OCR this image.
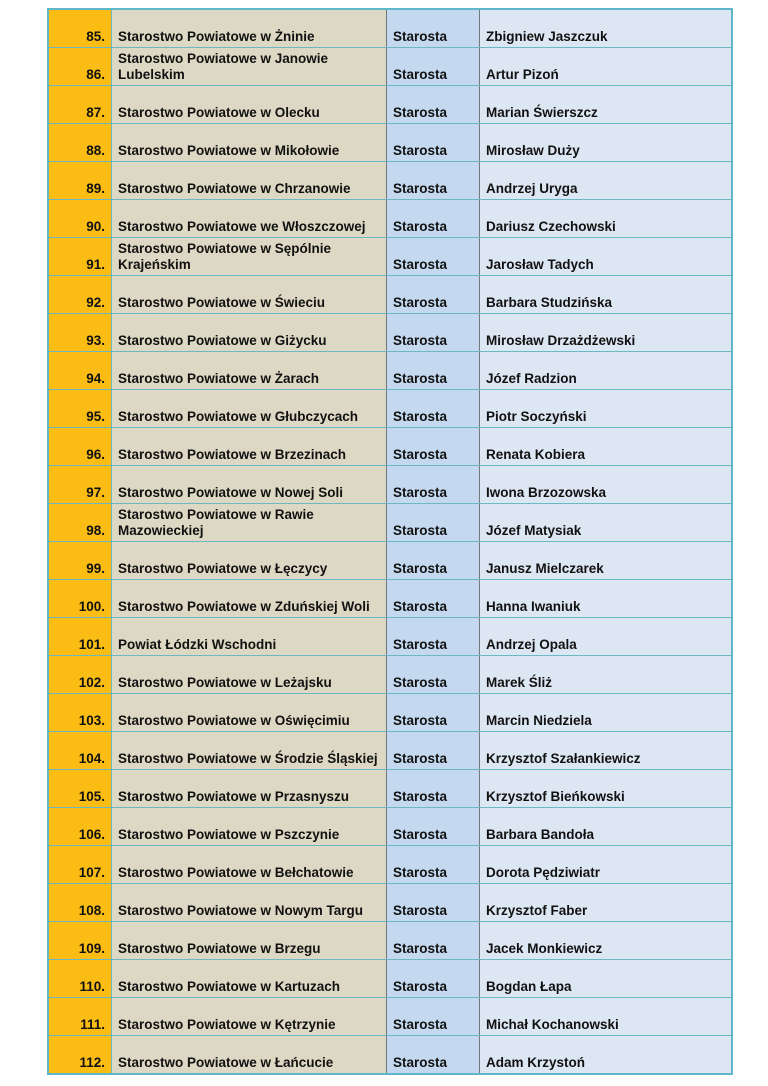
85.	Starostwo Powiatowe w Żninie	Starosta	Zbigniew Jaszczuk
86.	Starostwo Powiatowe w Janowie Lubelskim	Starosta	Artur Pizoń
87.	Starostwo Powiatowe w Olecku	Starosta	Marian Świerszcz
88.	Starostwo Powiatowe w Mikołowie	Starosta	Mirosław Duży
89.	Starostwo Powiatowe w Chrzanowie	Starosta	Andrzej Uryga
90.	Starostwo Powiatowe we Włoszczowej	Starosta	Dariusz Czechowski
91.	Starostwo Powiatowe w Sępólnie Krajeńskim	Starosta	Jarosław Tadych
92.	Starostwo Powiatowe w Świeciu	Starosta	Barbara Studzińska
93.	Starostwo Powiatowe w Giżycku	Starosta	Mirosław Drzażdżewski
94.	Starostwo Powiatowe w Żarach	Starosta	Józef Radzion
95.	Starostwo Powiatowe w Głubczycach	Starosta	Piotr Soczyński
96.	Starostwo Powiatowe w Brzezinach	Starosta	Renata Kobiera
97.	Starostwo Powiatowe w Nowej Soli	Starosta	Iwona Brzozowska
98.	Starostwo Powiatowe w Rawie Mazowieckiej	Starosta	Józef Matysiak
99.	Starostwo Powiatowe w Łęczycy	Starosta	Janusz Mielczarek
100.	Starostwo Powiatowe w Zduńskiej Woli	Starosta	Hanna Iwaniuk
101.	Powiat Łódzki Wschodni	Starosta	Andrzej Opala
102.	Starostwo Powiatowe w Leżajsku	Starosta	Marek Śliż
103.	Starostwo Powiatowe w Oświęcimiu	Starosta	Marcin Niedziela
104.	Starostwo Powiatowe w Środzie Śląskiej	Starosta	Krzysztof Szałankiewicz
105.	Starostwo Powiatowe w Przasnyszu	Starosta	Krzysztof Bieńkowski
106.	Starostwo Powiatowe w Pszczynie	Starosta	Barbara Bandoła
107.	Starostwo Powiatowe w Bełchatowie	Starosta	Dorota Pędziwiatr
108.	Starostwo Powiatowe w Nowym Targu	Starosta	Krzysztof Faber
109.	Starostwo Powiatowe w Brzegu	Starosta	Jacek Monkiewicz
110.	Starostwo Powiatowe w Kartuzach	Starosta	Bogdan Łapa
111.	Starostwo Powiatowe w Kętrzynie	Starosta	Michał Kochanowski
112.	Starostwo Powiatowe w Łańcucie	Starosta	Adam Krzystoń
